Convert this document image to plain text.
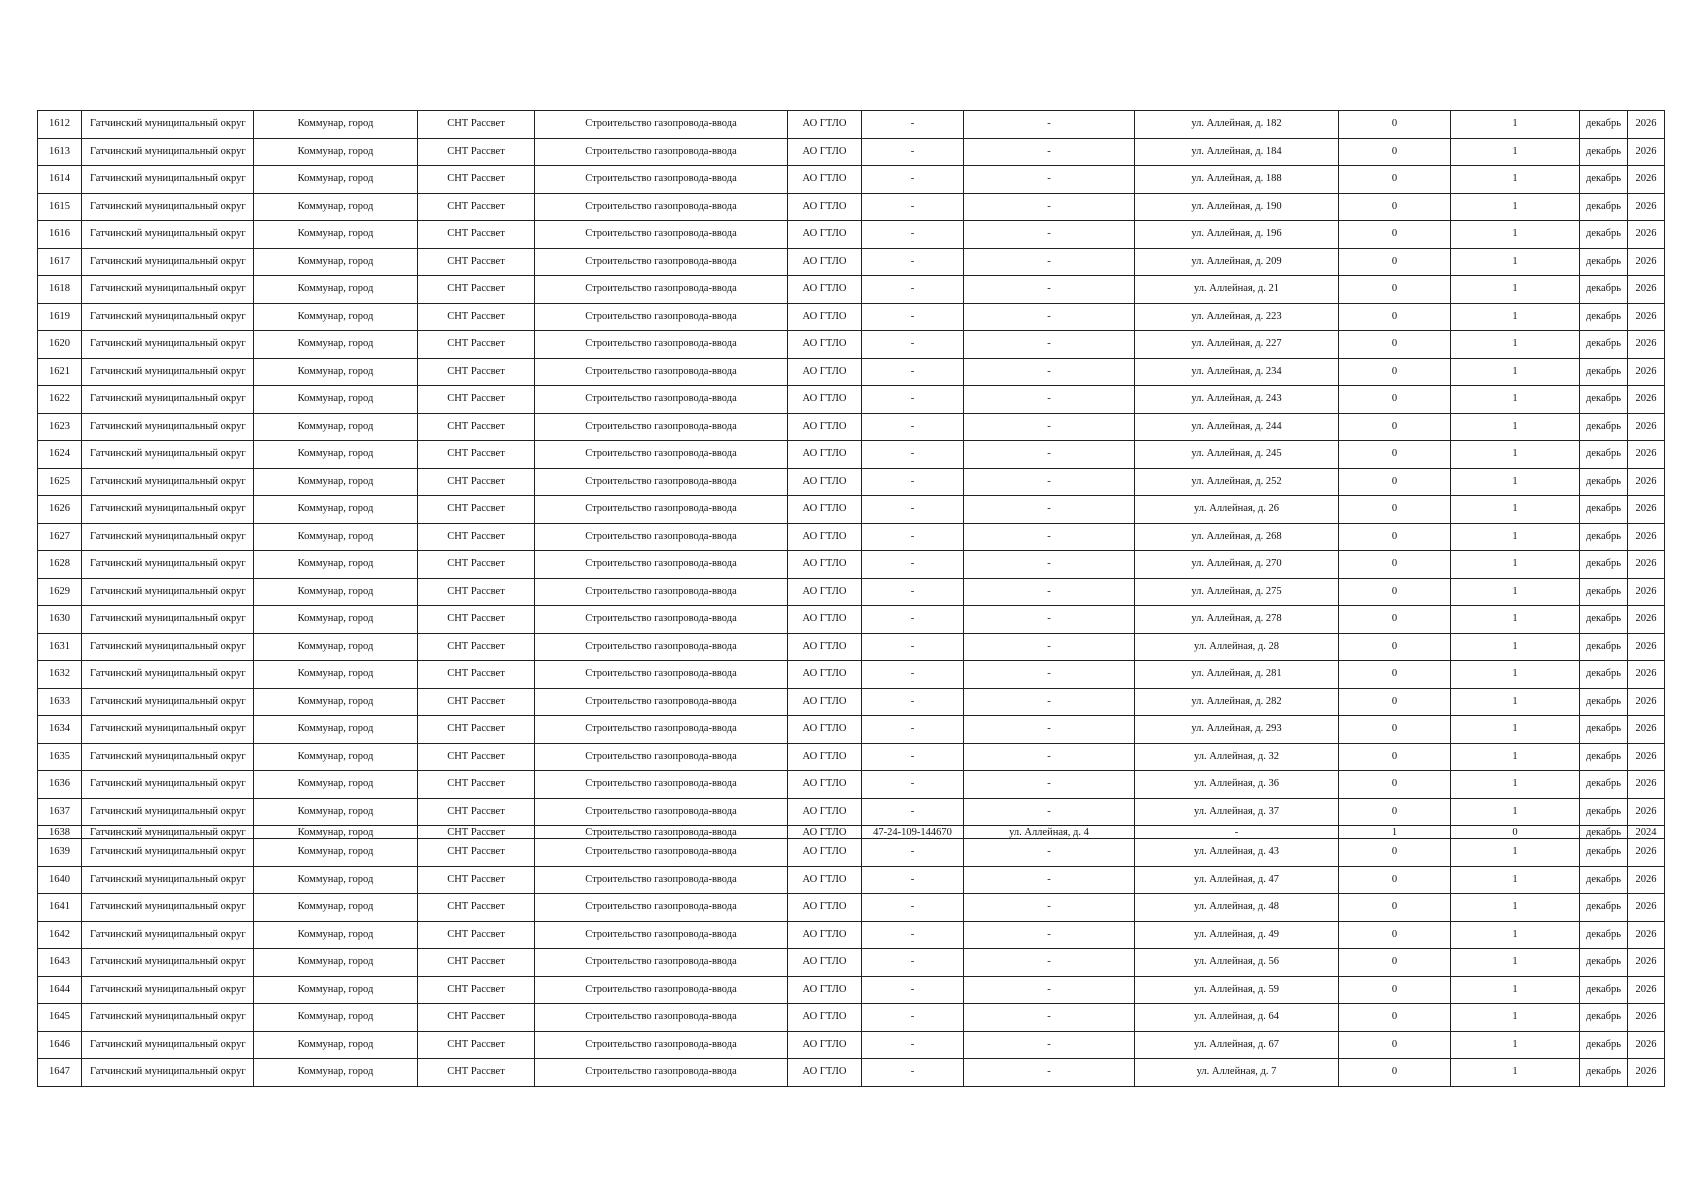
1612	Гатчинский муниципальный округ	Коммунар, город	СНТ Рассвет	Строительство газопровода-ввода	АО ГТЛО	-	-	ул. Аллейная, д. 182	0	1	декабрь	2026
1613	Гатчинский муниципальный округ	Коммунар, город	СНТ Рассвет	Строительство газопровода-ввода	АО ГТЛО	-	-	ул. Аллейная, д. 184	0	1	декабрь	2026
1614	Гатчинский муниципальный округ	Коммунар, город	СНТ Рассвет	Строительство газопровода-ввода	АО ГТЛО	-	-	ул. Аллейная, д. 188	0	1	декабрь	2026
1615	Гатчинский муниципальный округ	Коммунар, город	СНТ Рассвет	Строительство газопровода-ввода	АО ГТЛО	-	-	ул. Аллейная, д. 190	0	1	декабрь	2026
1616	Гатчинский муниципальный округ	Коммунар, город	СНТ Рассвет	Строительство газопровода-ввода	АО ГТЛО	-	-	ул. Аллейная, д. 196	0	1	декабрь	2026
1617	Гатчинский муниципальный округ	Коммунар, город	СНТ Рассвет	Строительство газопровода-ввода	АО ГТЛО	-	-	ул. Аллейная, д. 209	0	1	декабрь	2026
1618	Гатчинский муниципальный округ	Коммунар, город	СНТ Рассвет	Строительство газопровода-ввода	АО ГТЛО	-	-	ул. Аллейная, д. 21	0	1	декабрь	2026
1619	Гатчинский муниципальный округ	Коммунар, город	СНТ Рассвет	Строительство газопровода-ввода	АО ГТЛО	-	-	ул. Аллейная, д. 223	0	1	декабрь	2026
1620	Гатчинский муниципальный округ	Коммунар, город	СНТ Рассвет	Строительство газопровода-ввода	АО ГТЛО	-	-	ул. Аллейная, д. 227	0	1	декабрь	2026
1621	Гатчинский муниципальный округ	Коммунар, город	СНТ Рассвет	Строительство газопровода-ввода	АО ГТЛО	-	-	ул. Аллейная, д. 234	0	1	декабрь	2026
1622	Гатчинский муниципальный округ	Коммунар, город	СНТ Рассвет	Строительство газопровода-ввода	АО ГТЛО	-	-	ул. Аллейная, д. 243	0	1	декабрь	2026
1623	Гатчинский муниципальный округ	Коммунар, город	СНТ Рассвет	Строительство газопровода-ввода	АО ГТЛО	-	-	ул. Аллейная, д. 244	0	1	декабрь	2026
1624	Гатчинский муниципальный округ	Коммунар, город	СНТ Рассвет	Строительство газопровода-ввода	АО ГТЛО	-	-	ул. Аллейная, д. 245	0	1	декабрь	2026
1625	Гатчинский муниципальный округ	Коммунар, город	СНТ Рассвет	Строительство газопровода-ввода	АО ГТЛО	-	-	ул. Аллейная, д. 252	0	1	декабрь	2026
1626	Гатчинский муниципальный округ	Коммунар, город	СНТ Рассвет	Строительство газопровода-ввода	АО ГТЛО	-	-	ул. Аллейная, д. 26	0	1	декабрь	2026
1627	Гатчинский муниципальный округ	Коммунар, город	СНТ Рассвет	Строительство газопровода-ввода	АО ГТЛО	-	-	ул. Аллейная, д. 268	0	1	декабрь	2026
1628	Гатчинский муниципальный округ	Коммунар, город	СНТ Рассвет	Строительство газопровода-ввода	АО ГТЛО	-	-	ул. Аллейная, д. 270	0	1	декабрь	2026
1629	Гатчинский муниципальный округ	Коммунар, город	СНТ Рассвет	Строительство газопровода-ввода	АО ГТЛО	-	-	ул. Аллейная, д. 275	0	1	декабрь	2026
1630	Гатчинский муниципальный округ	Коммунар, город	СНТ Рассвет	Строительство газопровода-ввода	АО ГТЛО	-	-	ул. Аллейная, д. 278	0	1	декабрь	2026
1631	Гатчинский муниципальный округ	Коммунар, город	СНТ Рассвет	Строительство газопровода-ввода	АО ГТЛО	-	-	ул. Аллейная, д. 28	0	1	декабрь	2026
1632	Гатчинский муниципальный округ	Коммунар, город	СНТ Рассвет	Строительство газопровода-ввода	АО ГТЛО	-	-	ул. Аллейная, д. 281	0	1	декабрь	2026
1633	Гатчинский муниципальный округ	Коммунар, город	СНТ Рассвет	Строительство газопровода-ввода	АО ГТЛО	-	-	ул. Аллейная, д. 282	0	1	декабрь	2026
1634	Гатчинский муниципальный округ	Коммунар, город	СНТ Рассвет	Строительство газопровода-ввода	АО ГТЛО	-	-	ул. Аллейная, д. 293	0	1	декабрь	2026
1635	Гатчинский муниципальный округ	Коммунар, город	СНТ Рассвет	Строительство газопровода-ввода	АО ГТЛО	-	-	ул. Аллейная, д. 32	0	1	декабрь	2026
1636	Гатчинский муниципальный округ	Коммунар, город	СНТ Рассвет	Строительство газопровода-ввода	АО ГТЛО	-	-	ул. Аллейная, д. 36	0	1	декабрь	2026
1637	Гатчинский муниципальный округ	Коммунар, город	СНТ Рассвет	Строительство газопровода-ввода	АО ГТЛО	-	-	ул. Аллейная, д. 37	0	1	декабрь	2026
1638	Гатчинский муниципальный округ	Коммунар, город	СНТ Рассвет	Строительство газопровода-ввода	АО ГТЛО	47-24-109-144670	ул. Аллейная, д. 4	-	1	0	декабрь	2024
1639	Гатчинский муниципальный округ	Коммунар, город	СНТ Рассвет	Строительство газопровода-ввода	АО ГТЛО	-	-	ул. Аллейная, д. 43	0	1	декабрь	2026
1640	Гатчинский муниципальный округ	Коммунар, город	СНТ Рассвет	Строительство газопровода-ввода	АО ГТЛО	-	-	ул. Аллейная, д. 47	0	1	декабрь	2026
1641	Гатчинский муниципальный округ	Коммунар, город	СНТ Рассвет	Строительство газопровода-ввода	АО ГТЛО	-	-	ул. Аллейная, д. 48	0	1	декабрь	2026
1642	Гатчинский муниципальный округ	Коммунар, город	СНТ Рассвет	Строительство газопровода-ввода	АО ГТЛО	-	-	ул. Аллейная, д. 49	0	1	декабрь	2026
1643	Гатчинский муниципальный округ	Коммунар, город	СНТ Рассвет	Строительство газопровода-ввода	АО ГТЛО	-	-	ул. Аллейная, д. 56	0	1	декабрь	2026
1644	Гатчинский муниципальный округ	Коммунар, город	СНТ Рассвет	Строительство газопровода-ввода	АО ГТЛО	-	-	ул. Аллейная, д. 59	0	1	декабрь	2026
1645	Гатчинский муниципальный округ	Коммунар, город	СНТ Рассвет	Строительство газопровода-ввода	АО ГТЛО	-	-	ул. Аллейная, д. 64	0	1	декабрь	2026
1646	Гатчинский муниципальный округ	Коммунар, город	СНТ Рассвет	Строительство газопровода-ввода	АО ГТЛО	-	-	ул. Аллейная, д. 67	0	1	декабрь	2026
1647	Гатчинский муниципальный округ	Коммунар, город	СНТ Рассвет	Строительство газопровода-ввода	АО ГТЛО	-	-	ул. Аллейная, д. 7	0	1	декабрь	2026
